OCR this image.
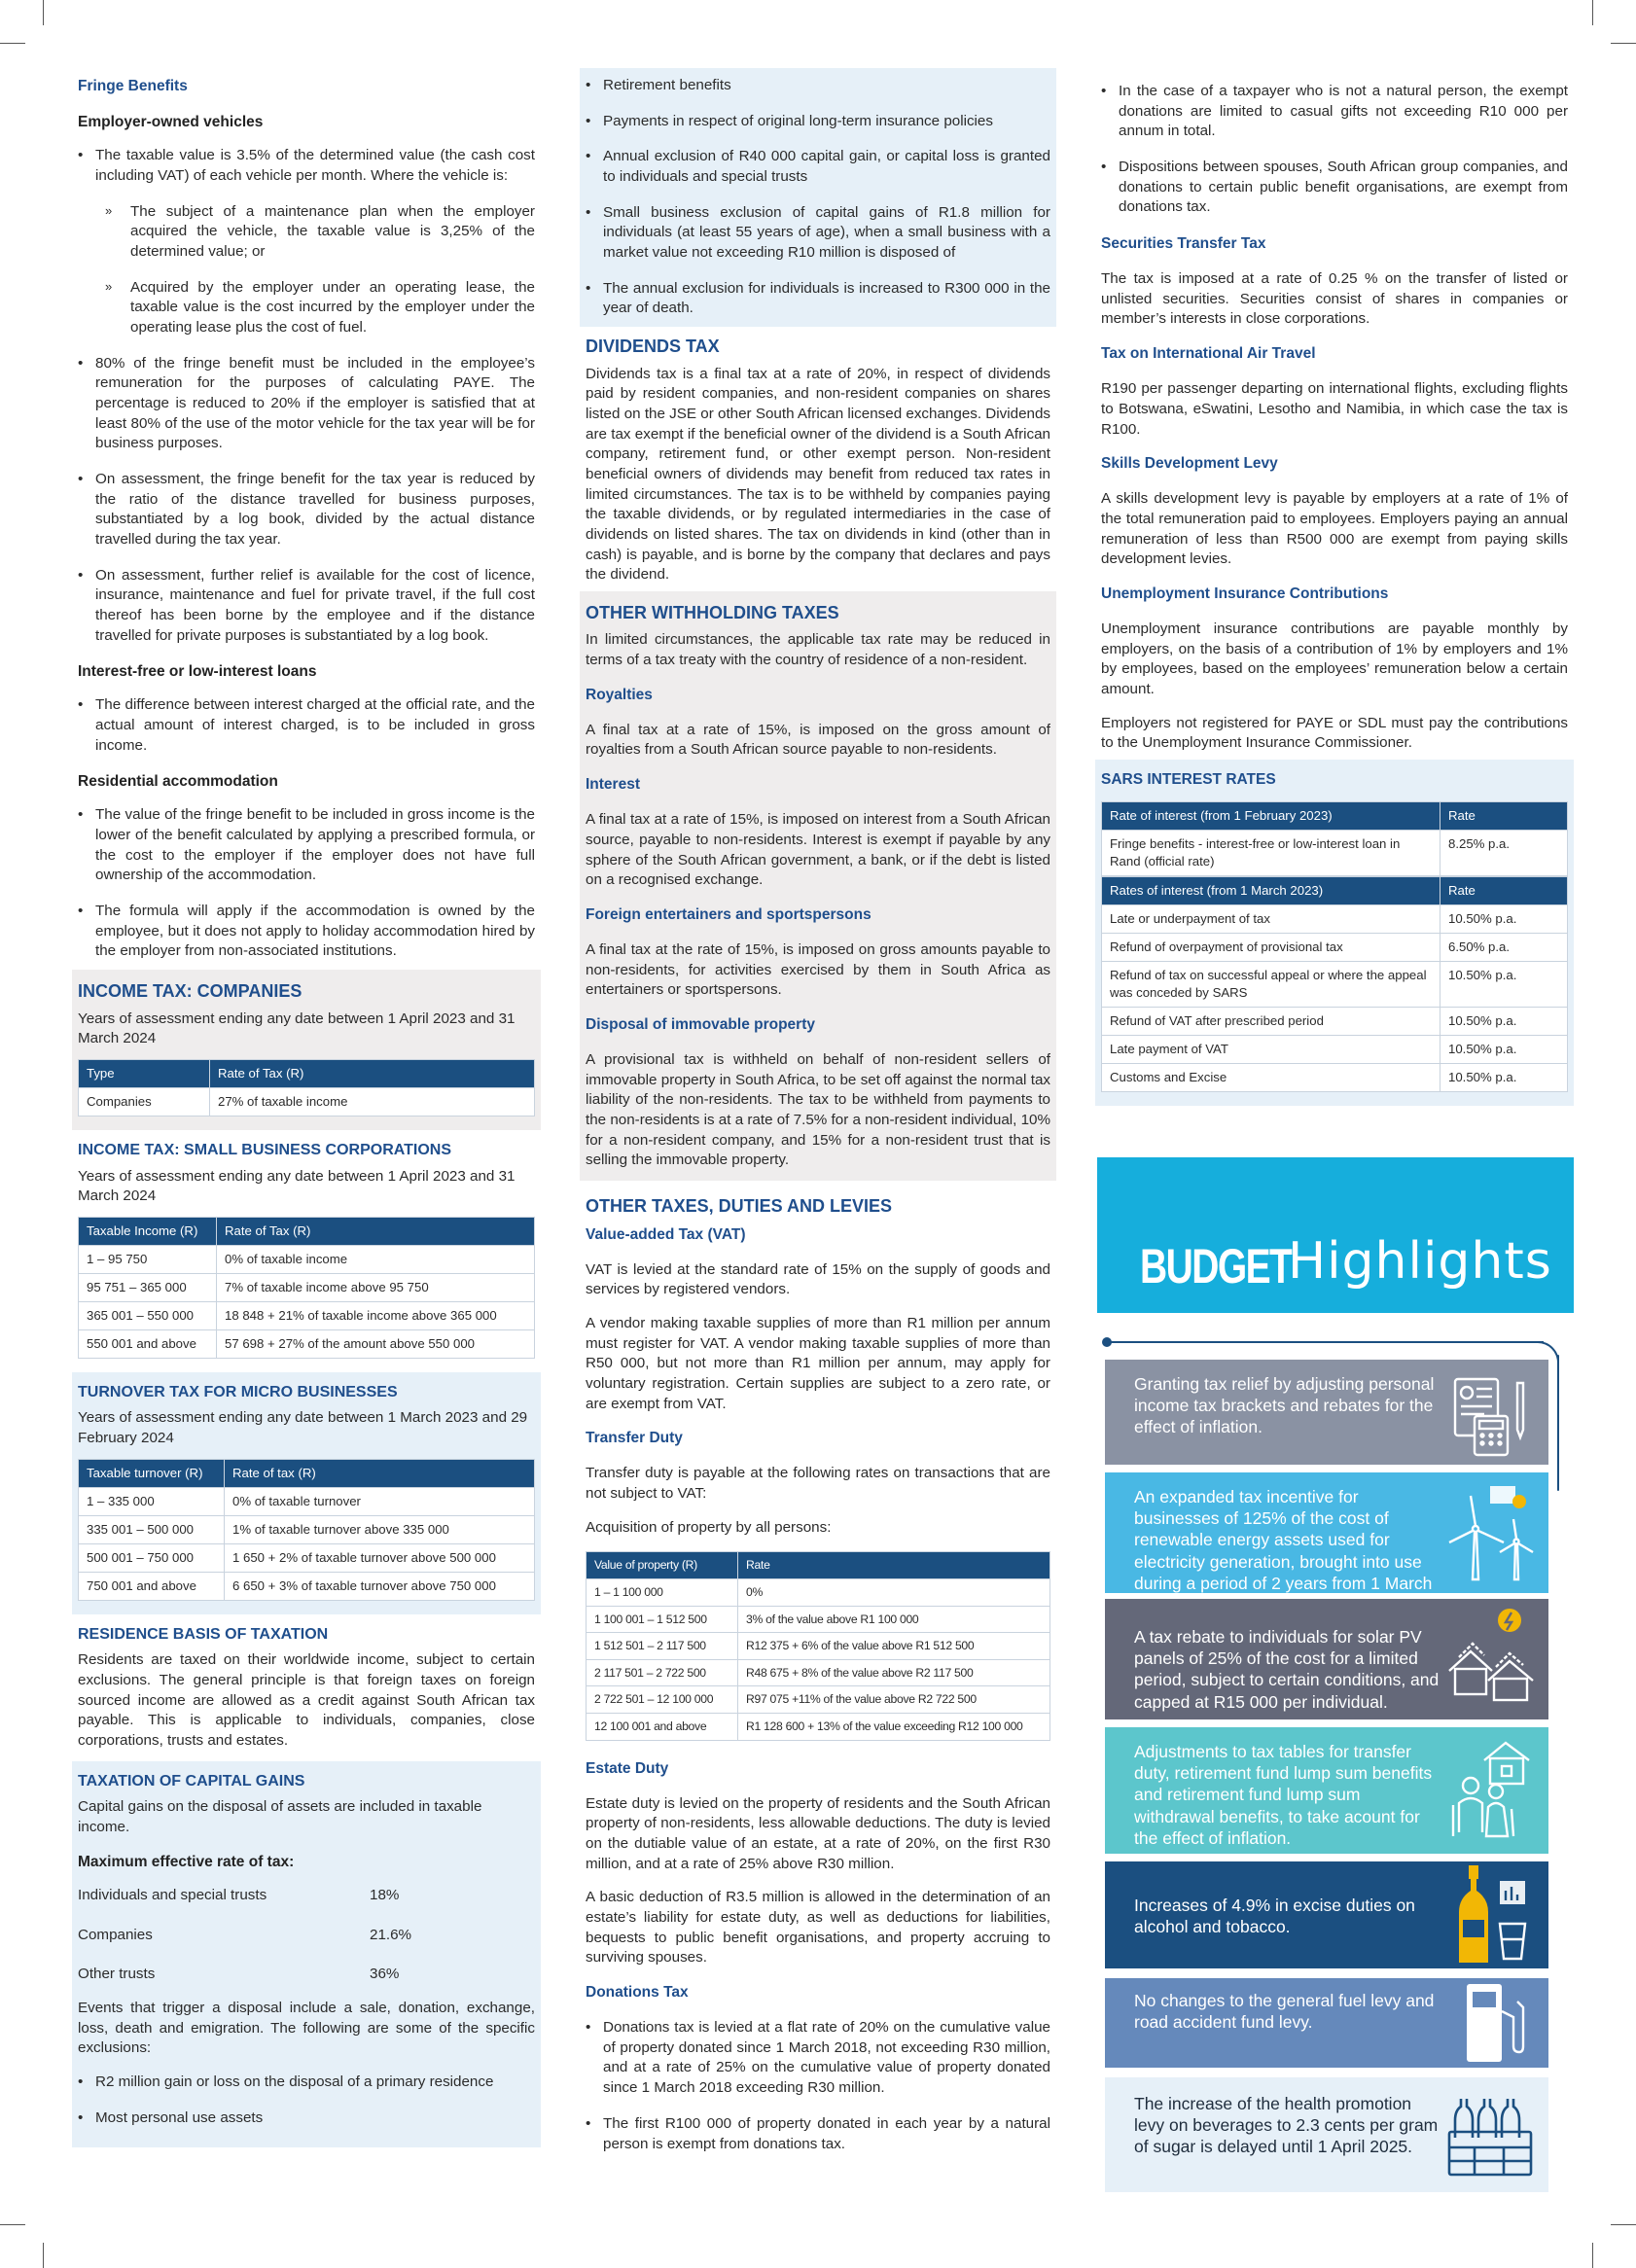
Fringe Benefits
Employer-owned vehicles
• The taxable value is 3.5% of the determined value (the cash cost including VAT) of each vehicle per month. Where the vehicle is:
» The subject of a maintenance plan when the employer acquired the vehicle, the taxable value is 3,25% of the determined value; or
» Acquired by the employer under an operating lease, the taxable value is the cost incurred by the employer under the operating lease plus the cost of fuel.
• 80% of the fringe benefit must be included in the employee’s remuneration for the purposes of calculating PAYE. The percentage is reduced to 20% if the employer is satisfied that at least 80% of the use of the motor vehicle for the tax year will be for business purposes.
• On assessment, the fringe benefit for the tax year is reduced by the ratio of the distance travelled for business purposes, substantiated by a log book, divided by the actual distance travelled during the tax year.
• On assessment, further relief is available for the cost of licence, insurance, maintenance and fuel for private travel, if the full cost thereof has been borne by the employee and if the distance travelled for private purposes is substantiated by a log book.
Interest-free or low-interest loans
• The difference between interest charged at the official rate, and the actual amount of interest charged, is to be included in gross income.
Residential accommodation
• The value of the fringe benefit to be included in gross income is the lower of the benefit calculated by applying a prescribed formula, or the cost to the employer if the employer does not have full ownership of the accommodation.
• The formula will apply if the accommodation is owned by the employee, but it does not apply to holiday accommodation hired by the employer from non-associated institutions.
INCOME TAX: COMPANIES

Years of assessment ending any date between 1 April 2023 and 31 March 2024

Type	Rate of Tax (R)
Companies	27% of taxable income
INCOME TAX: SMALL BUSINESS CORPORATIONS

Years of assessment ending any date between 1 April 2023 and 31 March 2024

Taxable Income (R)	Rate of Tax (R)
1 – 95 750	0% of taxable income
95 751 – 365 000	7% of taxable income above 95 750
365 001 – 550 000	18 848 + 21% of taxable income above 365 000
550 001 and above	57 698 + 27% of the amount above 550 000
TURNOVER TAX FOR MICRO BUSINESSES

Years of assessment ending any date between 1 March 2023 and 29 February 2024

Taxable turnover (R)	Rate of tax (R)
1 – 335 000	0% of taxable turnover
335 001 – 500 000	1% of taxable turnover above 335 000
500 001 – 750 000	1 650 + 2% of taxable turnover above 500 000
750 001 and above	6 650 + 3% of taxable turnover above 750 000
RESIDENCE BASIS OF TAXATION

Residents are taxed on their worldwide income, subject to certain exclusions. The general principle is that foreign taxes on foreign sourced income are allowed as a credit against South African tax payable. This is applicable to individuals, companies, close corporations, trusts and estates.

TAXATION OF CAPITAL GAINS

Capital gains on the disposal of assets are included in taxable income.

Maximum effective rate of tax:
Individuals and special trusts	18%
Companies	21.6%
Other trusts	36%

Events that trigger a disposal include a sale, donation, exchange, loss, death and emigration. The following are some of the specific exclusions:

• R2 million gain or loss on the disposal of a primary residence
• Most personal use assets
• Retirement benefits
• Payments in respect of original long-term insurance policies
• Annual exclusion of R40 000 capital gain, or capital loss is granted to individuals and special trusts
• Small business exclusion of capital gains of R1.8 million for individuals (at least 55 years of age), when a small business with a market value not exceeding R10 million is disposed of
• The annual exclusion for individuals is increased to R300 000 in the year of death.
DIVIDENDS TAX

Dividends tax is a final tax at a rate of 20%, in respect of dividends paid by resident companies, and non-resident companies on shares listed on the JSE or other South African licensed exchanges. Dividends are tax exempt if the beneficial owner of the dividend is a South African company, retirement fund, or other exempt person. Non-resident beneficial owners of dividends may benefit from reduced tax rates in limited circumstances. The tax is to be withheld by companies paying the taxable dividends, or by regulated intermediaries in the case of dividends on listed shares. The tax on dividends in kind (other than in cash) is payable, and is borne by the company that declares and pays the dividend.

OTHER WITHHOLDING TAXES

In limited circumstances, the applicable tax rate may be reduced in terms of a tax treaty with the country of residence of a non-resident.

Royalties

A final tax at a rate of 15%, is imposed on the gross amount of royalties from a South African source payable to non-residents.

Interest

A final tax at a rate of 15%, is imposed on interest from a South African source, payable to non-residents. Interest is exempt if payable by any sphere of the South African government, a bank, or if the debt is listed on a recognised exchange.

Foreign entertainers and sportspersons

A final tax at the rate of 15%, is imposed on gross amounts payable to non-residents, for activities exercised by them in South Africa as entertainers or sportspersons.

Disposal of immovable property

A provisional tax is withheld on behalf of non-resident sellers of immovable property in South Africa, to be set off against the normal tax liability of the non-residents. The tax to be withheld from payments to the non-residents is at a rate of 7.5% for a non-resident individual, 10% for a non-resident company, and 15% for a non-resident trust that is selling the immovable property.

OTHER TAXES, DUTIES AND LEVIES
Value-added Tax (VAT)

VAT is levied at the standard rate of 15% on the supply of goods and services by registered vendors.

A vendor making taxable supplies of more than R1 million per annum must register for VAT. A vendor making taxable supplies of more than R50 000, but not more than R1 million per annum, may apply for voluntary registration. Certain supplies are subject to a zero rate, or are exempt from VAT.

Transfer Duty

Transfer duty is payable at the following rates on transactions that are not subject to VAT:

Acquisition of property by all persons:

Value of property (R)	Rate
1 – 1 100 000	0%
1 100 001 – 1 512 500	3% of the value above R1 100 000
1 512 501 – 2 117 500	R12 375 + 6% of the value above R1 512 500
2 117 501 – 2 722 500	R48 675 + 8% of the value above R2 117 500
2 722 501 – 12 100 000	R97 075 +11% of the value above R2 722 500
12 100 001 and above	R1 128 600 + 13% of the value exceeding R12 100 000
Estate Duty

Estate duty is levied on the property of residents and the South African property of non-residents, less allowable deductions. The duty is levied on the dutiable value of an estate, at a rate of 20%, on the first R30 million, and at a rate of 25% above R30 million.

A basic deduction of R3.5 million is allowed in the determination of an estate’s liability for estate duty, as well as deductions for liabilities, bequests to public benefit organisations, and property accruing to surviving spouses.

Donations Tax
• Donations tax is levied at a flat rate of 20% on the cumulative value of property donated since 1 March 2018, not exceeding R30 million, and at a rate of 25% on the cumulative value of property donated since 1 March 2018 exceeding R30 million.
• The first R100 000 of property donated in each year by a natural person is exempt from donations tax.
• In the case of a taxpayer who is not a natural person, the exempt donations are limited to casual gifts not exceeding R10 000 per annum in total.
• Dispositions between spouses, South African group companies, and donations to certain public benefit organisations, are exempt from donations tax.
Securities Transfer Tax

The tax is imposed at a rate of 0.25 % on the transfer of listed or unlisted securities. Securities consist of shares in companies or member’s interests in close corporations.

Tax on International Air Travel

R190 per passenger departing on international flights, excluding flights to Botswana, eSwatini, Lesotho and Namibia, in which case the tax is R100.

Skills Development Levy

A skills development levy is payable by employers at a rate of 1% of the total remuneration paid to employees. Employers paying an annual remuneration of less than R500 000 are exempt from paying skills development levies.

Unemployment Insurance Contributions

Unemployment insurance contributions are payable monthly by employers, on the basis of a contribution of 1% by employers and 1% by employees, based on the employees’ remuneration below a certain amount.

Employers not registered for PAYE or SDL must pay the contributions to the Unemployment Insurance Commissioner.

SARS INTEREST RATES
Rate of interest (from 1 February 2023)	Rate
Fringe benefits - interest-free or low-interest loan in Rand (official rate)	8.25% p.a.
Rates of interest (from 1 March 2023)	Rate
Late or underpayment of tax	10.50% p.a.
Refund of overpayment of provisional tax	6.50% p.a.
Refund of tax on successful appeal or where the appeal was conceded by SARS	10.50% p.a.
Refund of VAT after prescribed period	10.50% p.a.
Late payment of VAT	10.50% p.a.
Customs and Excise	10.50% p.a.
BUDGET
Highlights
Granting tax relief by adjusting personal income tax brackets and rebates for the effect of inflation.
An expanded tax incentive for businesses of 125% of the cost of renewable energy assets used for electricity generation, brought into use during a period of 2 years from 1 March
A tax rebate to individuals for solar PV panels of 25% of the cost for a limited period, subject to certain conditions, and capped at R15 000 per individual.
Adjustments to tax tables for transfer duty, retirement fund lump sum benefits and retirement fund lump sum withdrawal benefits, to take acount for the effect of inflation.
Increases of 4.9% in excise duties on alcohol and tobacco.
No changes to the general fuel levy and road accident fund levy.
The increase of the health promotion levy on beverages to 2.3 cents per gram of sugar is delayed until 1 April 2025.
